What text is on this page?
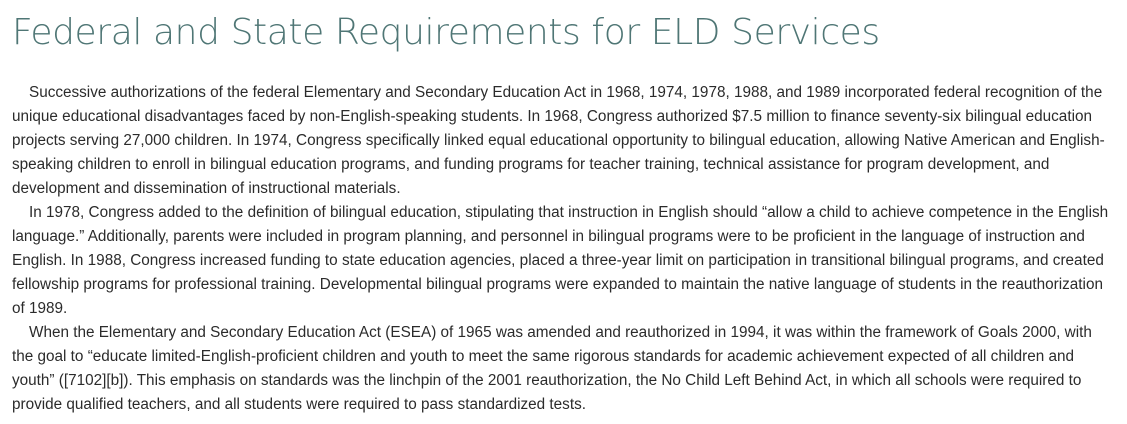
Federal and State Requirements for ELD Services

Successive authorizations of the federal Elementary and Secondary Education Act in 1968, 1974, 1978, 1988, and 1989 incorporated federal recognition of the unique educational disadvantages faced by non-English-speaking students. In 1968, Congress authorized $7.5 million to finance seventy-six bilingual education projects serving 27,000 children. In 1974, Congress specifically linked equal educational opportunity to bilingual education, allowing Native American and English-speaking children to enroll in bilingual education programs, and funding programs for teacher training, technical assistance for program development, and development and dissemination of instructional materials.

In 1978, Congress added to the definition of bilingual education, stipulating that instruction in English should “allow a child to achieve competence in the English language.” Additionally, parents were included in program planning, and personnel in bilingual programs were to be proficient in the language of instruction and English. In 1988, Congress increased funding to state education agencies, placed a three-year limit on participation in transitional bilingual programs, and created fellowship programs for professional training. Developmental bilingual programs were expanded to maintain the native language of students in the reauthorization of 1989.

When the Elementary and Secondary Education Act (ESEA) of 1965 was amended and reauthorized in 1994, it was within the framework of Goals 2000, with the goal to “educate limited-English-proficient children and youth to meet the same rigorous standards for academic achievement expected of all children and youth” ([7102][b]). This emphasis on standards was the linchpin of the 2001 reauthorization, the No Child Left Behind Act, in which all schools were required to provide qualified teachers, and all students were required to pass standardized tests.
